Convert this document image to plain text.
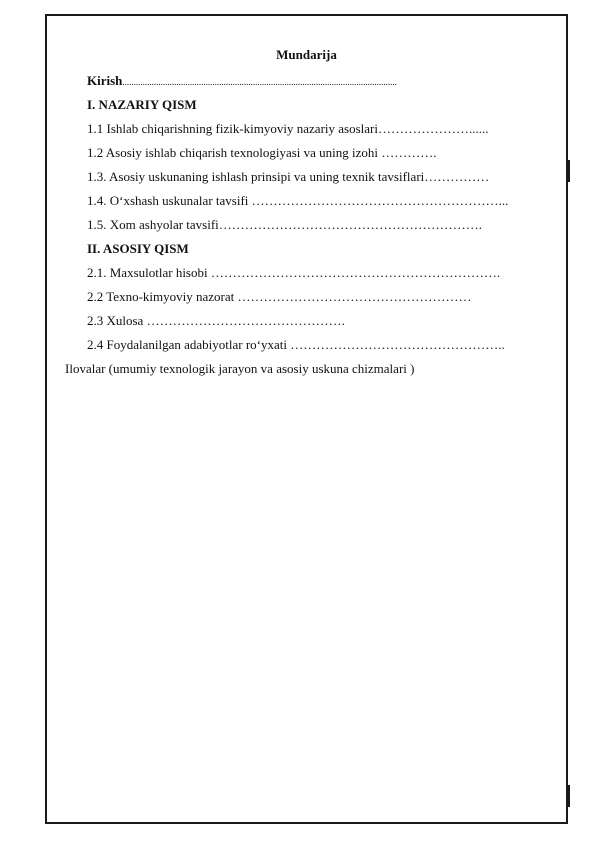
Mundarija
Kirish..........................................................................................................................
I. NAZARIY QISM
1.1 Ishlab chiqarishning fizik-kimyoviy nazariy asoslari…………………......
1.2 Asosiy ishlab chiqarish texnologiyasi va uning izohi ………….
1.3. Asosiy uskunaning ishlash prinsipi va uning texnik tavsiflari……………
1.4. O‘xshash uskunalar tavsifi …………………………………………………...
1.5. Xom ashyolar tavsifi…………………………………………………….
II. ASOSIY QISM
2.1. Maxsulotlar hisobi ………………………………………………………….
2.2 Texno-kimyoviy nazorat ………………………………………………
2.3 Xulosa ……………………………………….
2.4 Foydalanilgan adabiyotlar ro‘yxati …………………………………………..
Ilovalar (umumiy texnologik jarayon va asosiy uskuna chizmalari )
